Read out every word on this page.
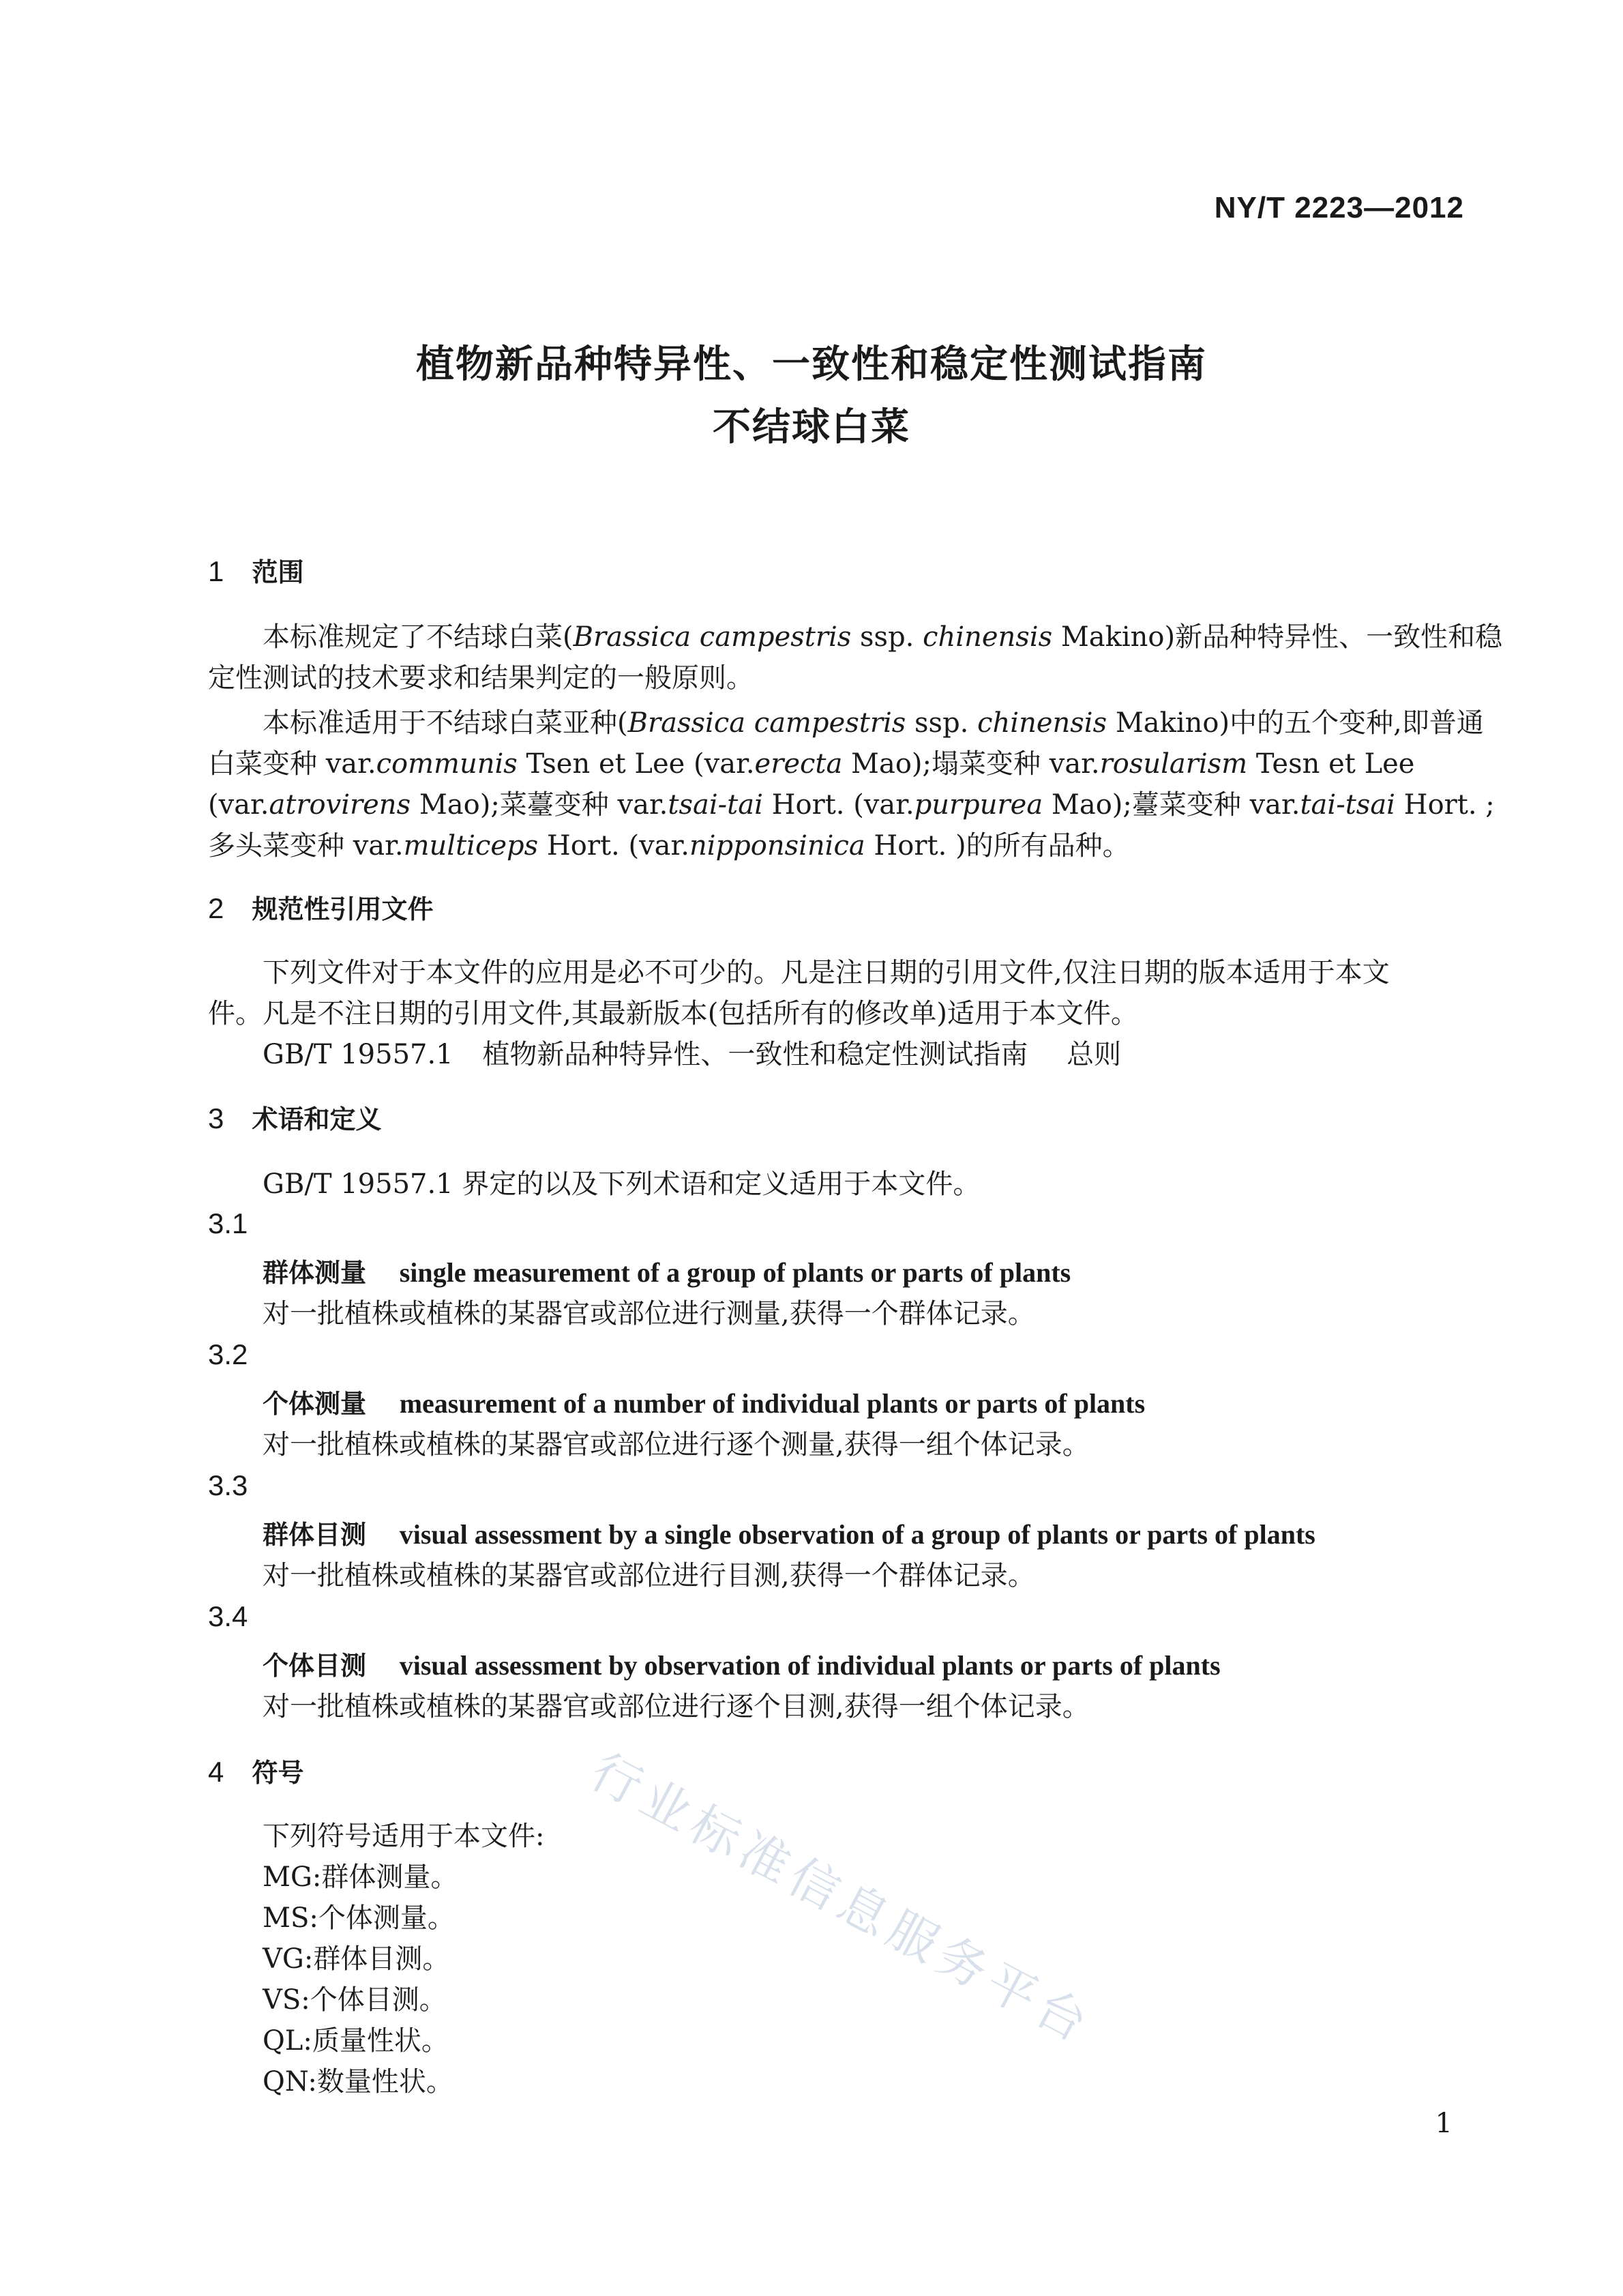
NY/T 2223—2012
植物新品种特异性、一致性和稳定性测试指南
不结球白菜
1 范围
本标准规定了不结球白菜(Brassica campestris ssp. chinensis Makino)新品种特异性、一致性和稳
定性测试的技术要求和结果判定的一般原则。
本标准适用于不结球白菜亚种(Brassica campestris ssp. chinensis Makino)中的五个变种,即普通
白菜变种 var.communis Tsen et Lee (var.erecta Mao);塌菜变种 var.rosularism Tesn et Lee
(var.atrovirens Mao);菜薹变种 var.tsai-tai Hort. (var.purpurea Mao);薹菜变种 var.tai-tsai Hort. ;
多头菜变种 var.multiceps Hort. (var.nipponsinica Hort. )的所有品种。
2 规范性引用文件
下列文件对于本文件的应用是必不可少的。凡是注日期的引用文件,仅注日期的版本适用于本文
件。凡是不注日期的引用文件,其最新版本(包括所有的修改单)适用于本文件。
GB/T 19557.1 植物新品种特异性、一致性和稳定性测试指南 总则
3 术语和定义
GB/T 19557.1 界定的以及下列术语和定义适用于本文件。
3.1
群体测量 single measurement of a group of plants or parts of plants
对一批植株或植株的某器官或部位进行测量,获得一个群体记录。
3.2
个体测量 measurement of a number of individual plants or parts of plants
对一批植株或植株的某器官或部位进行逐个测量,获得一组个体记录。
3.3
群体目测 visual assessment by a single observation of a group of plants or parts of plants
对一批植株或植株的某器官或部位进行目测,获得一个群体记录。
3.4
个体目测 visual assessment by observation of individual plants or parts of plants
对一批植株或植株的某器官或部位进行逐个目测,获得一组个体记录。
4 符号
下列符号适用于本文件:
MG:群体测量。
MS:个体测量。
VG:群体目测。
VS:个体目测。
QL:质量性状。
QN:数量性状。
行业标准信息服务平台
1
